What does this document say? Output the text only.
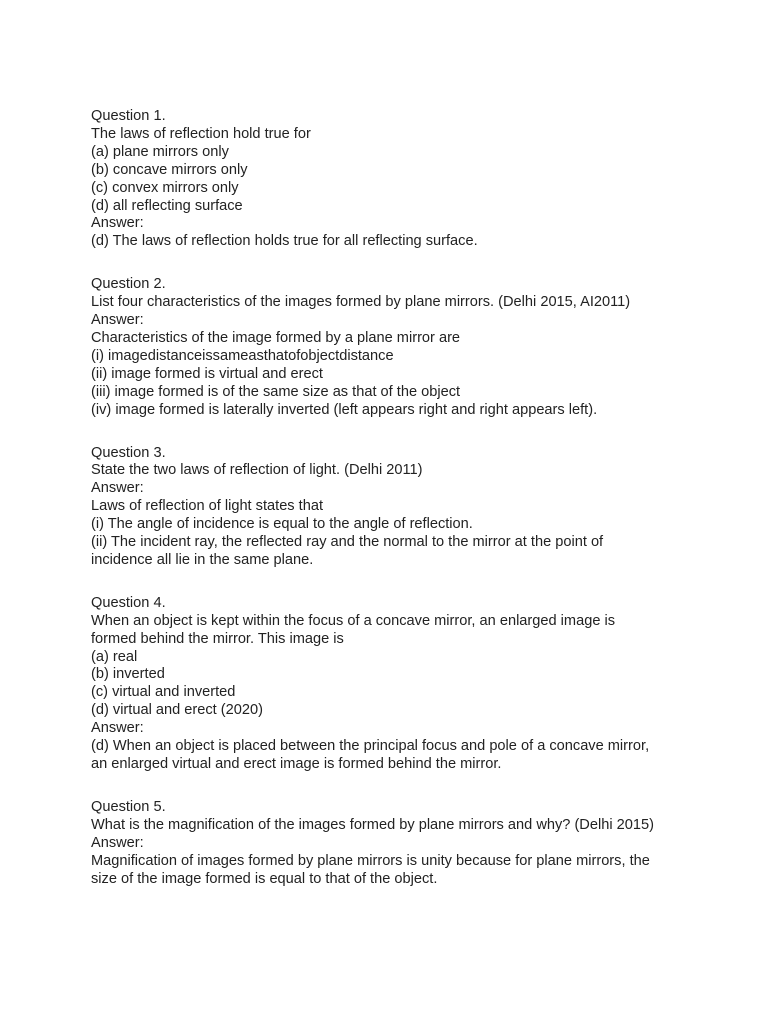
Question 1.
The laws of reflection hold true for
(a) plane mirrors only
(b) concave mirrors only
(c) convex mirrors only
(d) all reflecting surface
Answer:
(d) The laws of reflection holds true for all reflecting surface.
Question 2.
List four characteristics of the images formed by plane mirrors. (Delhi 2015, AI2011)
Answer:
Characteristics of the image formed by a plane mirror are
(i) imagedistanceissameasthatofobjectdistance
(ii) image formed is virtual and erect
(iii) image formed is of the same size as that of the object
(iv) image formed is laterally inverted (left appears right and right appears left).
Question 3.
State the two laws of reflection of light. (Delhi 2011)
Answer:
Laws of reflection of light states that
(i) The angle of incidence is equal to the angle of reflection.
(ii) The incident ray, the reflected ray and the normal to the mirror at the point of
incidence all lie in the same plane.
Question 4.
When an object is kept within the focus of a concave mirror, an enlarged image is
formed behind the mirror. This image is
(a) real
(b) inverted
(c) virtual and inverted
(d) virtual and erect (2020)
Answer:
(d) When an object is placed between the principal focus and pole of a concave mirror,
an enlarged virtual and erect image is formed behind the mirror.
Question 5.
What is the magnification of the images formed by plane mirrors and why? (Delhi 2015)
Answer:
Magnification of images formed by plane mirrors is unity because for plane mirrors, the
size of the image formed is equal to that of the object.
